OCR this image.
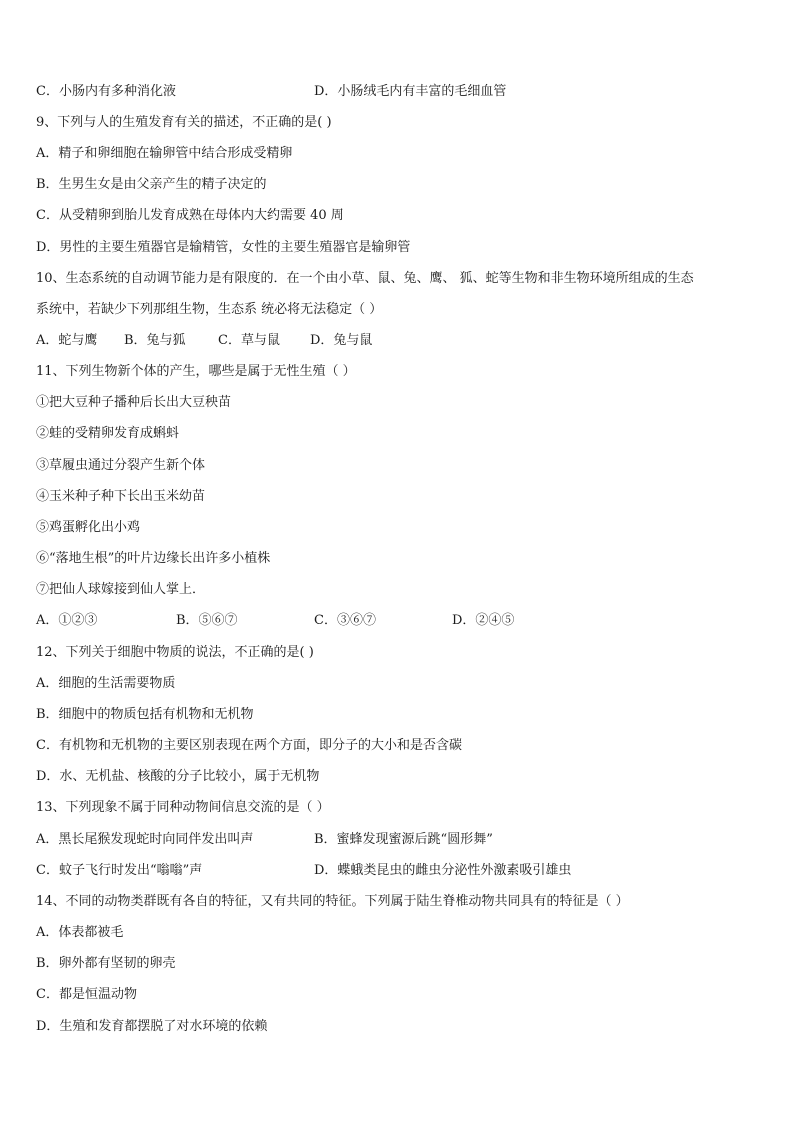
C．小肠内有多种消化液	D．小肠绒毛内有丰富的毛细血管
9、下列与人的生殖发育有关的描述，不正确的是( )
A．精子和卵细胞在输卵管中结合形成受精卵
B．生男生女是由父亲产生的精子决定的
C．从受精卵到胎儿发育成熟在母体内大约需要 40 周
D．男性的主要生殖器官是输精管，女性的主要生殖器官是输卵管
10、生态系统的自动调节能力是有限度的．在一个由小草、鼠、兔、鹰、 狐、蛇等生物和非生物环境所组成的生态
系统中，若缺少下列那组生物，生态系 统必将无法稳定（ ）
A．蛇与鹰 B．兔与狐 C．草与鼠 D．兔与鼠
11、下列生物新个体的产生，哪些是属于无性生殖（ ）
①把大豆种子播种后长出大豆秧苗
②蛙的受精卵发育成蝌蚪
③草履虫通过分裂产生新个体
④玉米种子种下长出玉米幼苗
⑤鸡蛋孵化出小鸡
⑥“落地生根”的叶片边缘长出许多小植株
⑦把仙人球嫁接到仙人掌上．
A．①②③	B．⑤⑥⑦	C．③⑥⑦	D．②④⑤
12、下列关于细胞中物质的说法，不正确的是( )
A．细胞的生活需要物质
B．细胞中的物质包括有机物和无机物
C．有机物和无机物的主要区别表现在两个方面，即分子的大小和是否含碳
D．水、无机盐、核酸的分子比较小，属于无机物
13、下列现象不属于同种动物间信息交流的是（ ）
A．黑长尾猴发现蛇时向同伴发出叫声	B．蜜蜂发现蜜源后跳“圆形舞”
C．蚊子飞行时发出“嗡嗡”声	D．蝶蛾类昆虫的雌虫分泌性外激素吸引雄虫
14、不同的动物类群既有各自的特征，又有共同的特征。下列属于陆生脊椎动物共同具有的特征是（ ）
A．体表都被毛
B．卵外都有坚韧的卵壳
C．都是恒温动物
D．生殖和发育都摆脱了对水环境的依赖
